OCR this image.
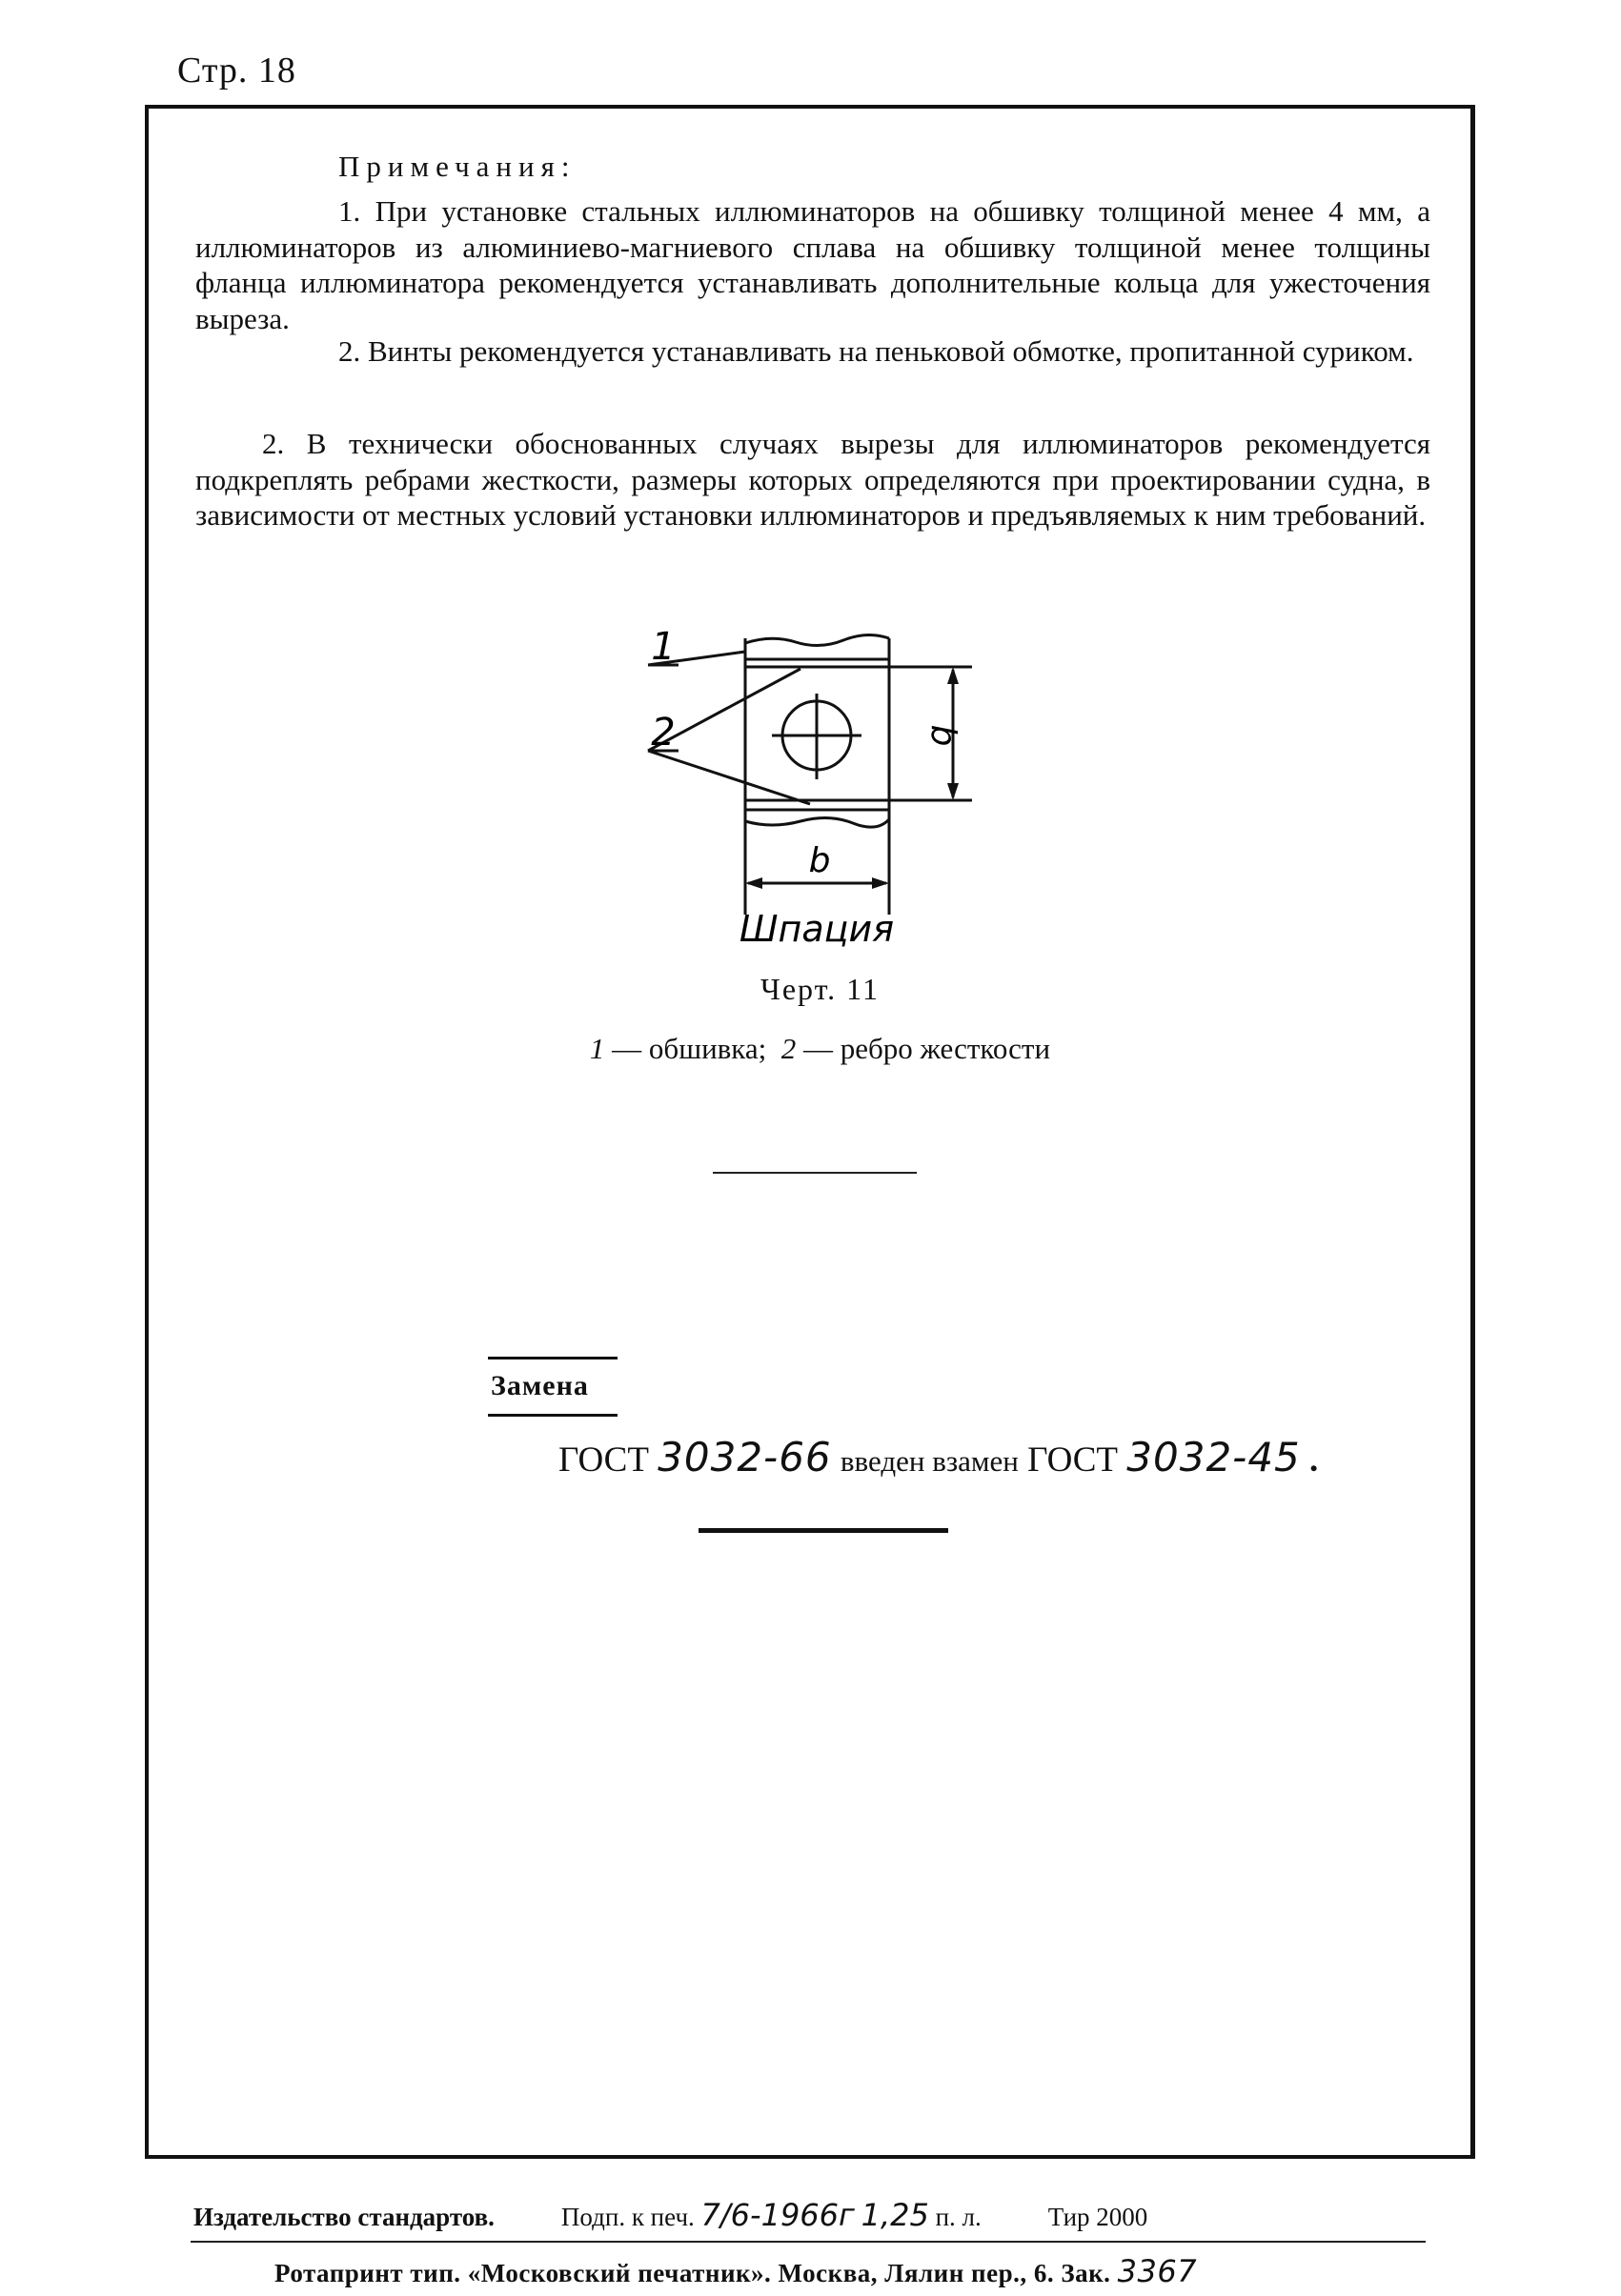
Стр. 18
Примечания:
1. При установке стальных иллюминаторов на обшивку толщиной менее 4 мм, а иллюминаторов из алюминиево-магниевого сплава на обшивку толщиной менее толщины фланца иллюминатора рекомендуется устанавливать дополнительные кольца для ужесточения выреза.
2. Винты рекомендуется устанавливать на пеньковой обмотке, пропитанной суриком.
2. В технически обоснованных случаях вырезы для иллюминаторов рекомендуется подкреплять ребрами жесткости, размеры которых определяются при проектировании судна, в зависимости от местных условий установки иллюминаторов и предъявляемых к ним требований.
1
2	b
b
Шпация
Черт. 11
1 — обшивка; 2 — ребро жесткости
Замена
ГОСТ 3032-66 введен взамен ГОСТ 3032-45 .
Издательство стандартов.	Подп. к печ. 7/6-1966г 1,25 п. л.	Тир 2000
Ротапринт тип. «Московский печатник». Москва, Лялин пер., 6. Зак. 3367
